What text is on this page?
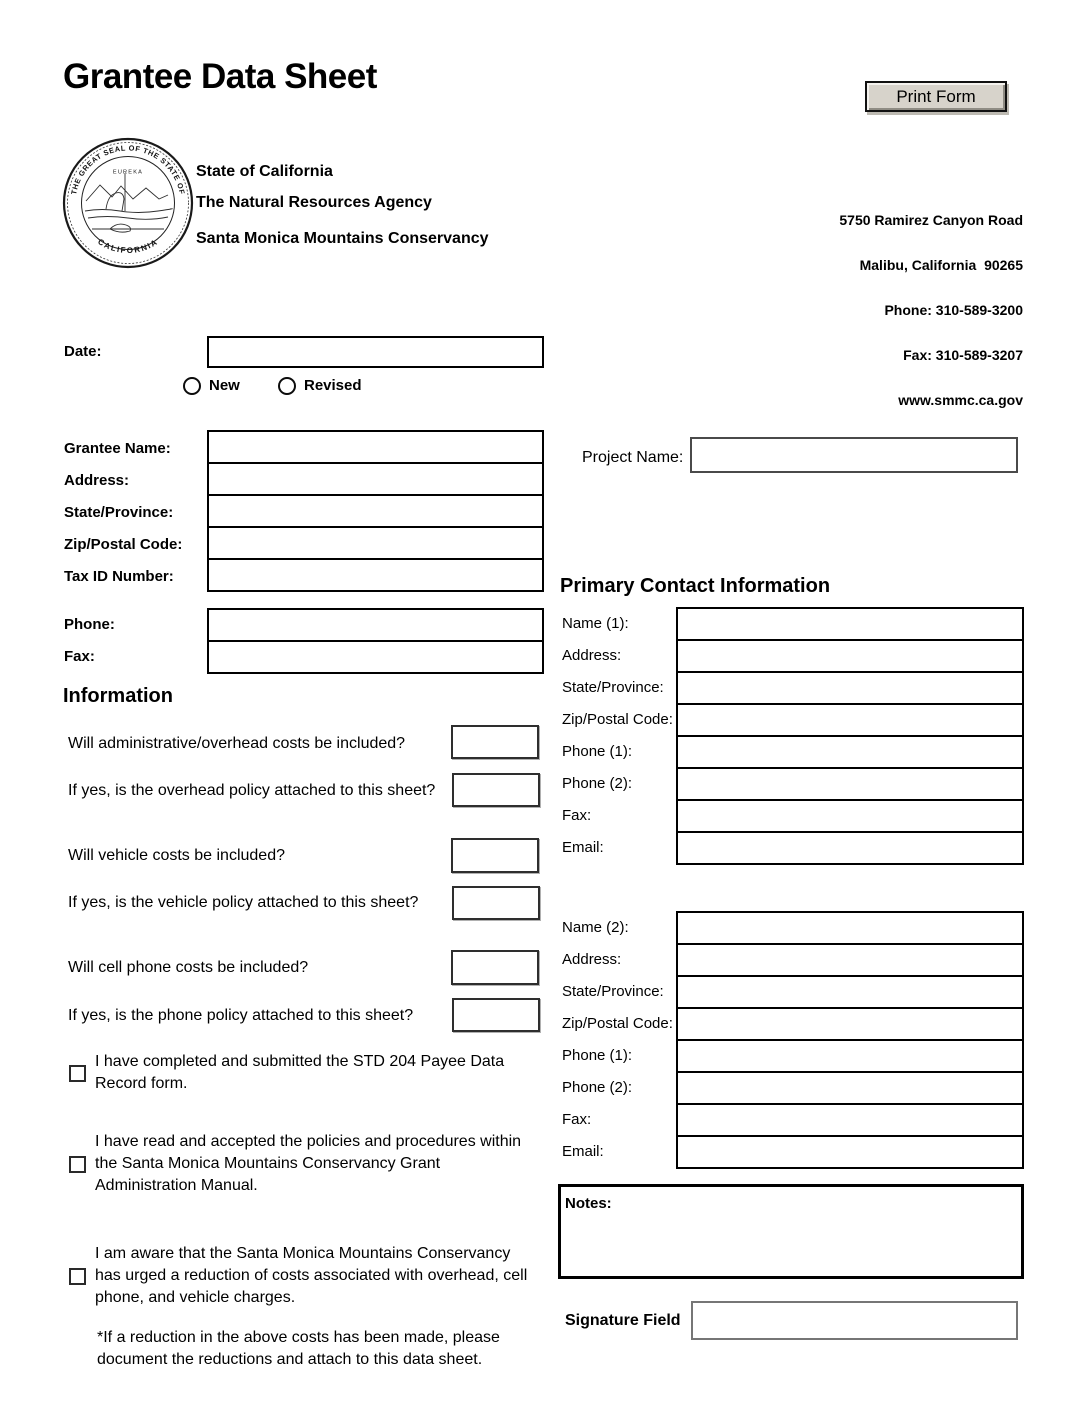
Grantee Data Sheet	Print Form
THE GREAT SEAL OF THE STATE OF
CALIFORNIA
EUREKA	State of California
The Natural Resources Agency
Santa Monica Mountains Conservancy

5750 Ramirez Canyon Road

Malibu, California  90265

Phone: 310-589-3200

Fax: 310-589-3207

www.smmc.ca.gov

Date:
New	Revised
Grantee Name:
Address:
State/Province:
Zip/Postal Code:
Tax ID Number:
Phone:
Fax:
Project Name:
Primary Contact Information
Name (1):
Address:
State/Province:
Zip/Postal Code:
Phone (1):
Phone (2):
Fax:
Email:
Name (2):
Address:
State/Province:
Zip/Postal Code:
Phone (1):
Phone (2):
Fax:
Email:
Information
Will administrative/overhead costs be included?
If yes, is the overhead policy attached to this sheet?
Will vehicle costs be included?
If yes, is the vehicle policy attached to this sheet?
Will cell phone costs be included?
If yes, is the phone policy attached to this sheet?
I have completed and submitted the STD 204 Payee Data Record form.
I have read and accepted the policies and procedures within the Santa Monica Mountains Conservancy Grant Administration Manual.
I am aware that the Santa Monica Mountains Conservancy has urged a reduction of costs associated with overhead, cell phone, and vehicle charges.
*If a reduction in the above costs has been made, please document the reductions and attach to this data sheet.
Notes:
Signature Field
